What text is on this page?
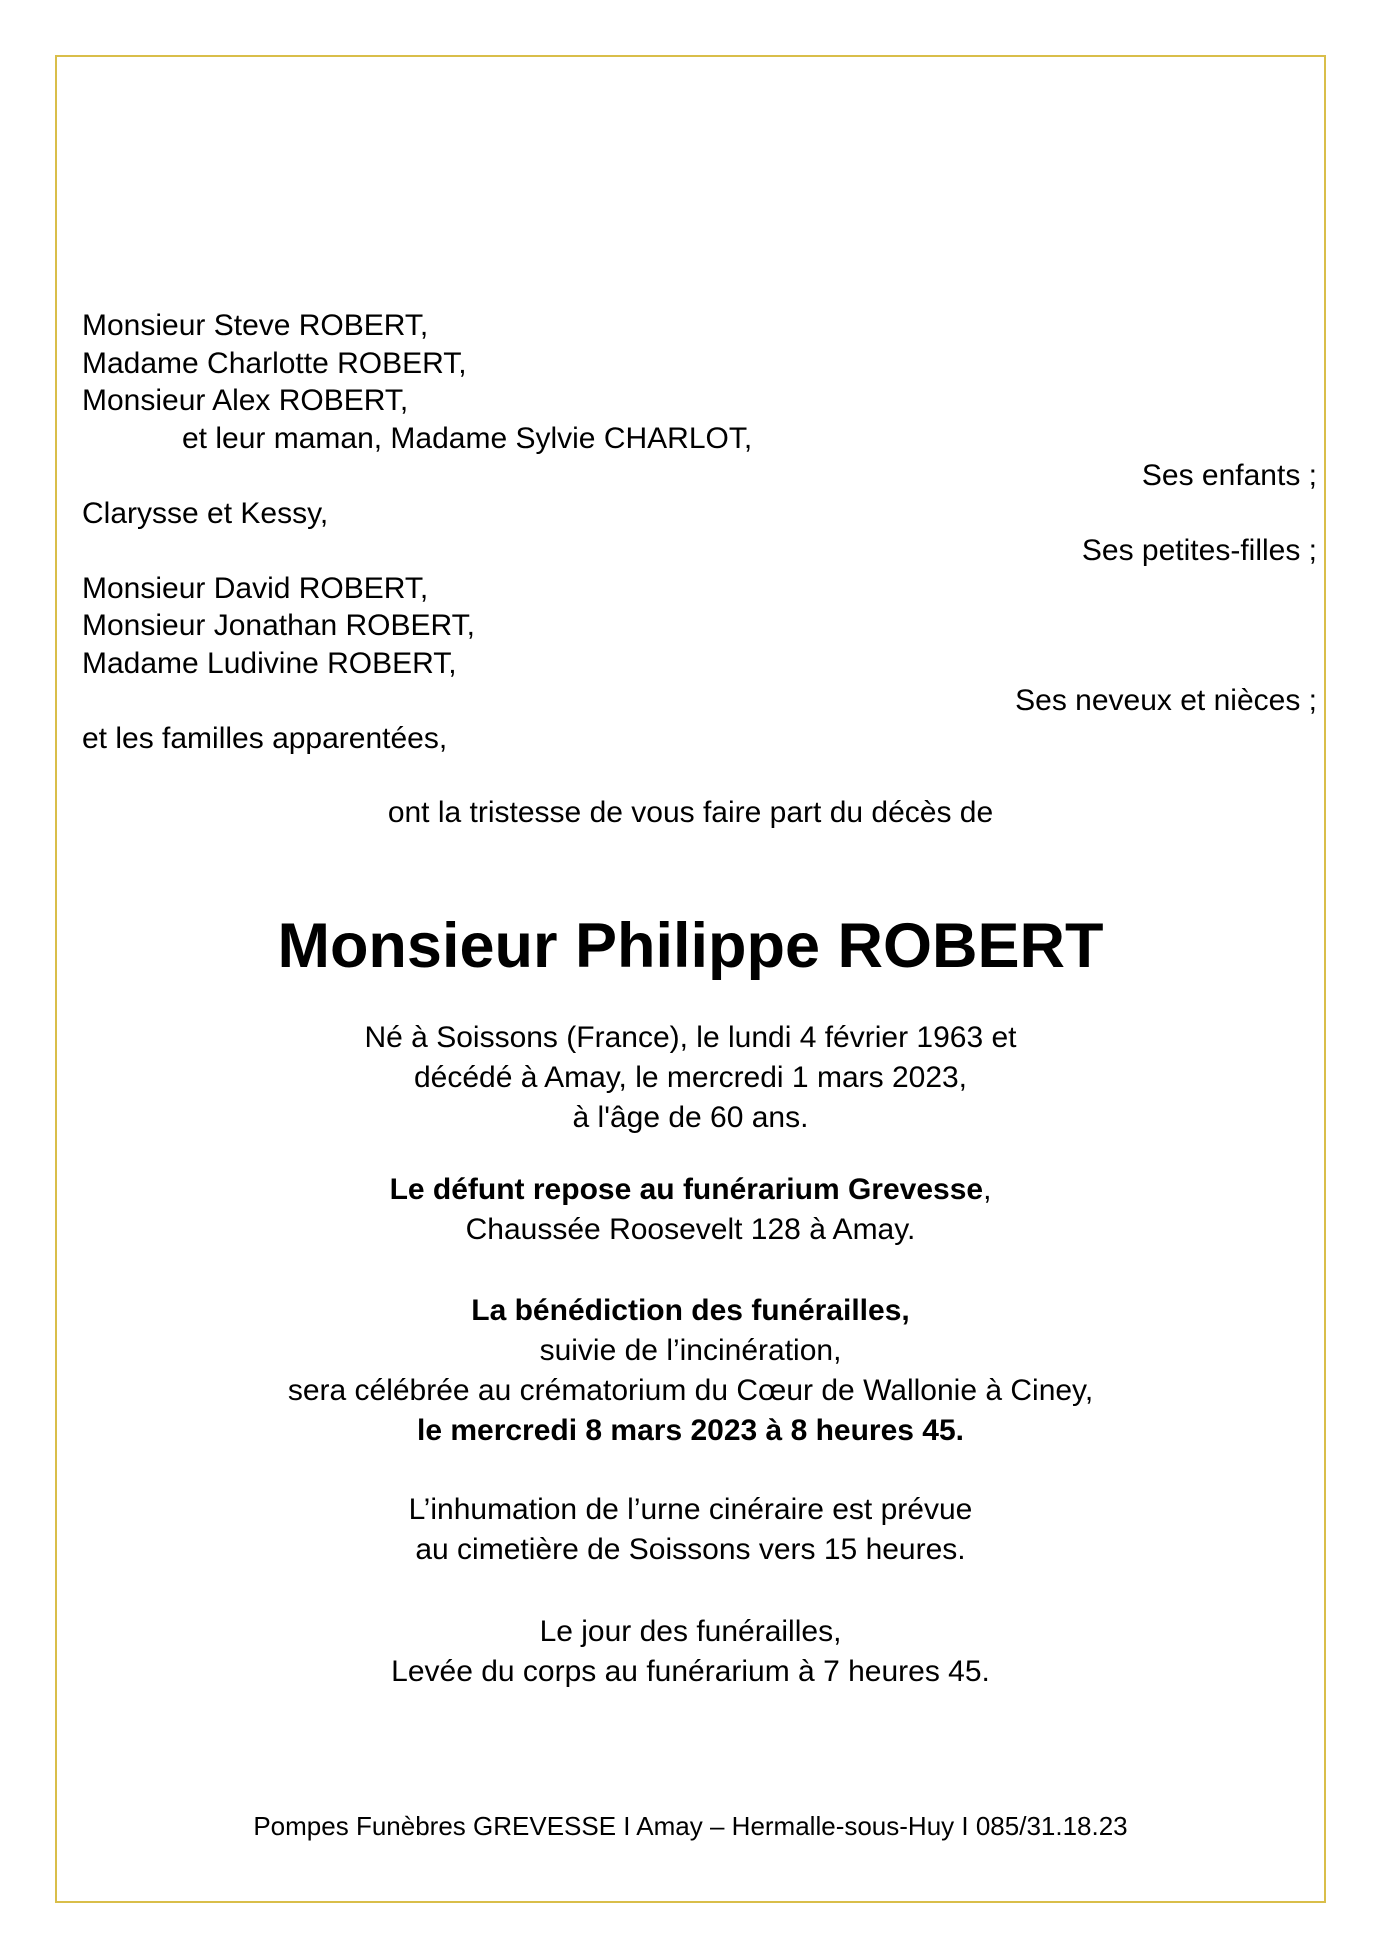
Monsieur Steve ROBERT,
Madame Charlotte ROBERT,
Monsieur Alex ROBERT,
et leur maman, Madame Sylvie CHARLOT,
Ses enfants ;
Clarysse et Kessy,
Ses petites-filles ;
Monsieur David ROBERT,
Monsieur Jonathan ROBERT,
Madame Ludivine ROBERT,
Ses neveux et nièces ;
et les familles apparentées,
ont la tristesse de vous faire part du décès de
Monsieur Philippe ROBERT
Né à Soissons (France), le lundi 4 février 1963 et
décédé à Amay, le mercredi 1 mars 2023,
à l'âge de 60 ans.
Le défunt repose au funérarium Grevesse,
Chaussée Roosevelt 128 à Amay.
La bénédiction des funérailles,
suivie de l’incinération,
sera célébrée au crématorium du Cœur de Wallonie à Ciney,
le mercredi 8 mars 2023 à 8 heures 45.
L’inhumation de l’urne cinéraire est prévue
au cimetière de Soissons vers 15 heures.
Le jour des funérailles,
Levée du corps au funérarium à 7 heures 45.
Pompes Funèbres GREVESSE I Amay – Hermalle-sous-Huy I 085/31.18.23
